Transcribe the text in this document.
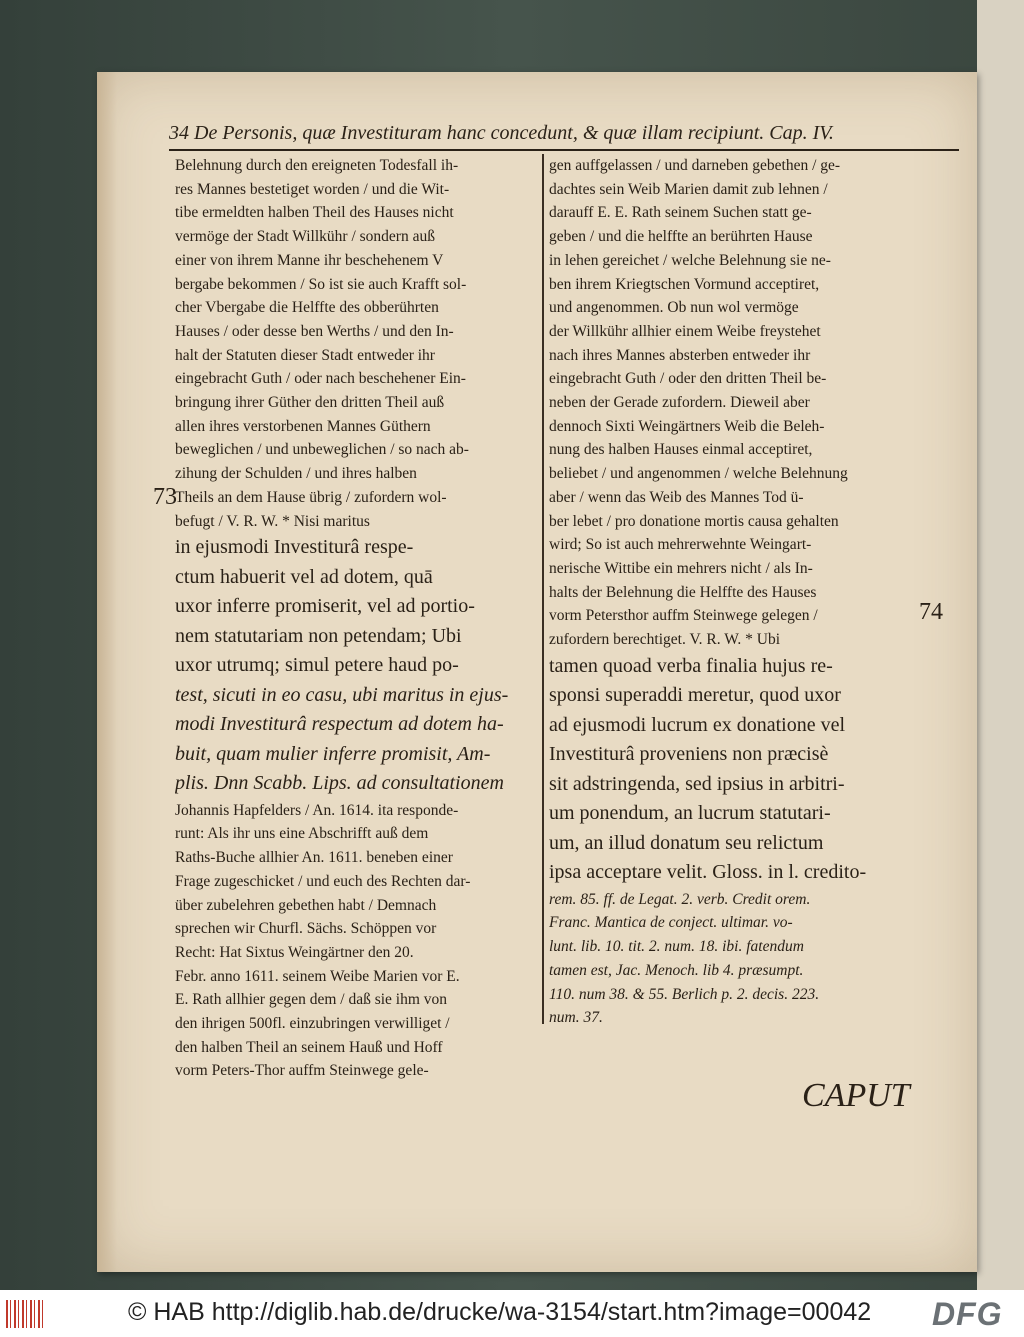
34 De Personis, quæ Investituram hanc concedunt, & quæ illam recipiunt. Cap. IV.
Belehnung durch den ereigneten Todesfall ih-
res Mannes bestetiget worden / und die Wit-
tibe ermeldten halben Theil des Hauses nicht
vermöge der Stadt Willkühr / sondern auß
einer von ihrem Manne ihr beschehenem V
bergabe bekommen / So ist sie auch Krafft sol-
cher Vbergabe die Helffte des obberührten
Hauses / oder desse ben Werths / und den In-
halt der Statuten dieser Stadt entweder ihr
eingebracht Guth / oder nach beschehener Ein-
bringung ihrer Güther den dritten Theil auß
allen ihres verstorbenen Mannes Güthern
beweglichen / und unbeweglichen / so nach ab-
zihung der Schulden / und ihres halben
Theils an dem Hause übrig / zufordern wol-
befugt / V. R. W. * Nisi maritus
in ejusmodi Investiturâ respe-
ctum habuerit vel ad dotem, quā
uxor inferre promiserit, vel ad portio-
nem statutariam non petendam; Ubi
uxor utrumq; simul petere haud po-
test, sicuti in eo casu, ubi maritus in ejus-
modi Investiturâ respectum ad dotem ha-
buit, quam mulier inferre promisit, Am-
plis. Dnn Scabb. Lips. ad consultationem
Johannis Hapfelders / An. 1614. ita responde-
runt: Als ihr uns eine Abschrifft auß dem
Raths-Buche allhier An. 1611. beneben einer
Frage zugeschicket / und euch des Rechten dar-
über zubelehren gebethen habt / Demnach
sprechen wir Churfl. Sächs. Schöppen vor
Recht: Hat Sixtus Weingärtner den 20.
Febr. anno 1611. seinem Weibe Marien vor E.
E. Rath allhier gegen dem / daß sie ihm von
den ihrigen 500fl. einzubringen verwilliget /
den halben Theil an seinem Hauß und Hoff
vorm Peters-Thor auffm Steinwege gele-
gen auffgelassen / und darneben gebethen / ge-
dachtes sein Weib Marien damit zub lehnen /
darauff E. E. Rath seinem Suchen statt ge-
geben / und die helffte an berührten Hause
in lehen gereichet / welche Belehnung sie ne-
ben ihrem Kriegtschen Vormund acceptiret,
und angenommen. Ob nun wol vermöge
der Willkühr allhier einem Weibe freystehet
nach ihres Mannes absterben entweder ihr
eingebracht Guth / oder den dritten Theil be-
neben der Gerade zufordern. Dieweil aber
dennoch Sixti Weingärtners Weib die Beleh-
nung des halben Hauses einmal acceptiret,
beliebet / und angenommen / welche Belehnung
aber / wenn das Weib des Mannes Tod ü-
ber lebet / pro donatione mortis causa gehalten
wird; So ist auch mehrerwehnte Weingart-
nerische Wittibe ein mehrers nicht / als In-
halts der Belehnung die Helffte des Hauses
vorm Petersthor auffm Steinwege gelegen /
zufordern berechtiget. V. R. W. * Ubi
tamen quoad verba finalia hujus re-
sponsi superaddi meretur, quod uxor
ad ejusmodi lucrum ex donatione vel
Investiturâ proveniens non præcisè
sit adstringenda, sed ipsius in arbitri-
um ponendum, an lucrum statutari-
um, an illud donatum seu relictum
ipsa acceptare velit. Gloss. in l. credito-
rem. 85. ff. de Legat. 2. verb. Credit orem.
Franc. Mantica de conject. ultimar. vo-
lunt. lib. 10. tit. 2. num. 18. ibi. fatendum
tamen est, Jac. Menoch. lib 4. præsumpt.
110. num 38. & 55. Berlich p. 2. decis. 223.
num. 37.
73
74
CAPUT
© HAB http://diglib.hab.de/drucke/wa-3154/start.htm?image=00042 DFG
